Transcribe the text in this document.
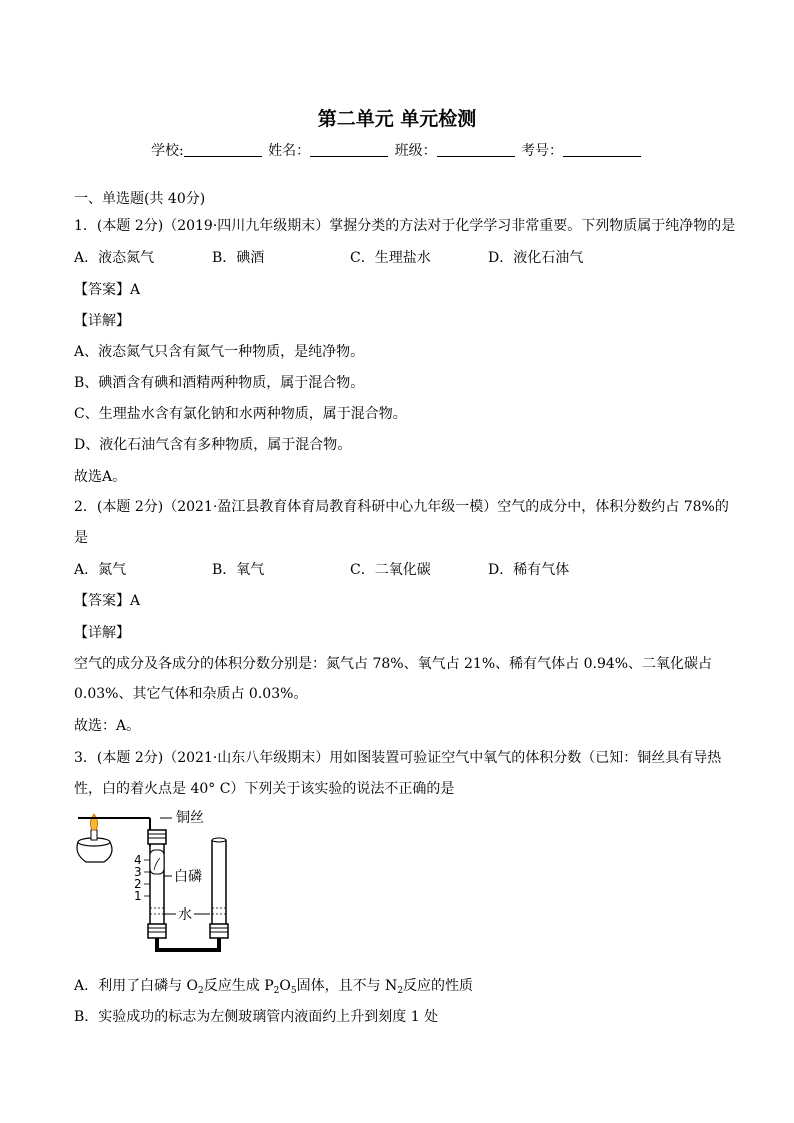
第二单元 单元检测
学校:	姓名：	班级：	考号：
一、单选题(共 40分)
1．(本题 2分)（2019·四川九年级期末）掌握分类的方法对于化学学习非常重要。下列物质属于纯净物的是
A．液态氮气	B．碘酒	C．生理盐水	D．液化石油气
【答案】A
【详解】
A、液态氮气只含有氮气一种物质，是纯净物。
B、碘酒含有碘和酒精两种物质，属于混合物。
C、生理盐水含有氯化钠和水两种物质，属于混合物。
D、液化石油气含有多种物质，属于混合物。
故选A。
2．(本题 2分)（2021·盈江县教育体育局教育科研中心九年级一模）空气的成分中，体积分数约占 78%的
是
A．氮气	B．氧气	C．二氧化碳	D．稀有气体
【答案】A
【详解】
空气的成分及各成分的体积分数分别是：氮气占 78%、氧气占 21%、稀有气体占 0.94%、二氧化碳占
0.03%、其它气体和杂质占 0.03%。
故选：A。
3．(本题 2分)（2021·山东八年级期末）用如图装置可验证空气中氧气的体积分数（已知：铜丝具有导热
性，白的着火点是 40° C）下列关于该实验的说法不正确的是
铜丝
4
3
2
1
白磷
水
A．利用了白磷与 $O_2$反应生成 $P_2O_5$固体，且不与 $N_2$反应的性质
B．实验成功的标志为左侧玻璃管内液面约上升到刻度 1 处
